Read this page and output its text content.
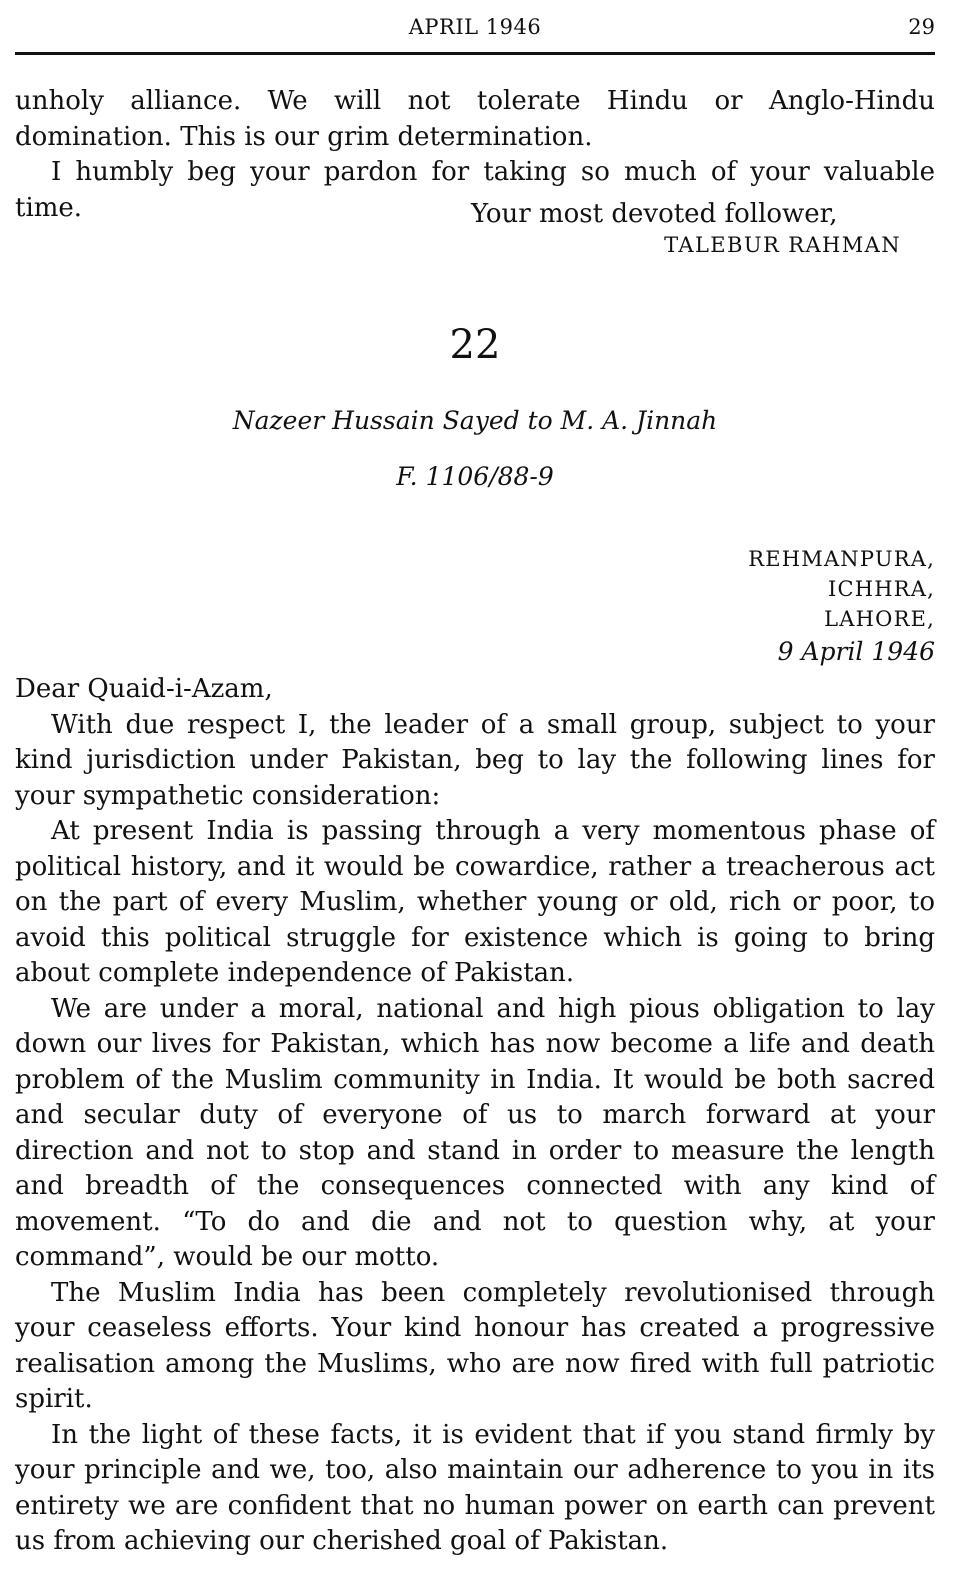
APRIL 1946	29

unholy alliance. We will not tolerate Hindu or Anglo-Hindu domination. This is our grim determination.

I humbly beg your pardon for taking so much of your valuable time.	Your most devoted follower,
TALEBUR RAHMAN
22
Nazeer Hussain Sayed to M. A. Jinnah
F. 1106/88-9
REHMANPURA,
ICHHRA,
LAHORE,
9 April 1946

Dear Quaid-i-Azam,

With due respect I, the leader of a small group, subject to your kind jurisdiction under Pakistan, beg to lay the following lines for your sympathetic consideration:

At present India is passing through a very momentous phase of political history, and it would be cowardice, rather a treacherous act on the part of every Muslim, whether young or old, rich or poor, to avoid this political struggle for existence which is going to bring about complete independence of Pakistan.

We are under a moral, national and high pious obligation to lay down our lives for Pakistan, which has now become a life and death problem of the Muslim community in India. It would be both sacred and secular duty of everyone of us to march forward at your direction and not to stop and stand in order to measure the length and breadth of the consequences connected with any kind of movement. “To do and die and not to question why, at your command”, would be our motto.

The Muslim India has been completely revolutionised through your ceaseless efforts. Your kind honour has created a progressive realisation among the Muslims, who are now fired with full patriotic spirit.

In the light of these facts, it is evident that if you stand firmly by your principle and we, too, also maintain our adherence to you in its entirety we are confident that no human power on earth can prevent us from achieving our cherished goal of Pakistan.
